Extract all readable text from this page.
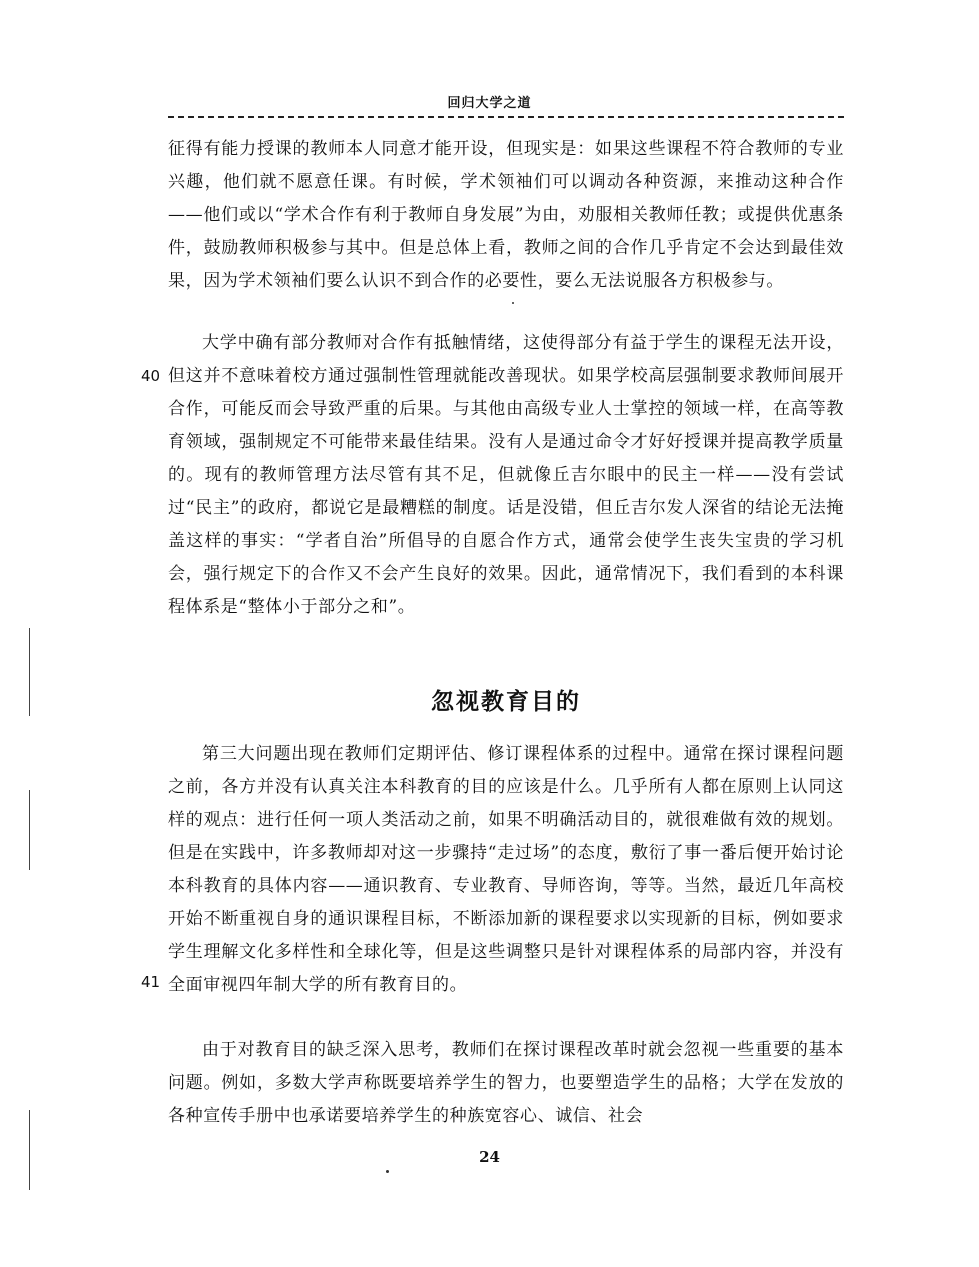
回归大学之道

征得有能力授课的教师本人同意才能开设，但现实是：如果这些课程不符合教师的专业兴趣，他们就不愿意任课。有时候，学术领袖们可以调动各种资源，来推动这种合作——他们或以“学术合作有利于教师自身发展”为由，劝服相关教师任教；或提供优惠条件，鼓励教师积极参与其中。但是总体上看，教师之间的合作几乎肯定不会达到最佳效果，因为学术领袖们要么认识不到合作的必要性，要么无法说服各方积极参与。

大学中确有部分教师对合作有抵触情绪，这使得部分有益于学生的课程无法开设，但这并不意味着校方通过强制性管理就能改善现状。如果学校高层强制要求教师间展开合作，可能反而会导致严重的后果。与其他由高级专业人士掌控的领域一样，在高等教育领域，强制规定不可能带来最佳结果。没有人是通过命令才好好授课并提高教学质量的。现有的教师管理方法尽管有其不足，但就像丘吉尔眼中的民主一样——没有尝试过“民主”的政府，都说它是最糟糕的制度。话是没错，但丘吉尔发人深省的结论无法掩盖这样的事实：“学者自治”所倡导的自愿合作方式，通常会使学生丧失宝贵的学习机会，强行规定下的合作又不会产生良好的效果。因此，通常情况下，我们看到的本科课程体系是“整体小于部分之和”。

40
忽视教育目的

第三大问题出现在教师们定期评估、修订课程体系的过程中。通常在探讨课程问题之前，各方并没有认真关注本科教育的目的应该是什么。几乎所有人都在原则上认同这样的观点：进行任何一项人类活动之前，如果不明确活动目的，就很难做有效的规划。但是在实践中，许多教师却对这一步骤持“走过场”的态度，敷衍了事一番后便开始讨论本科教育的具体内容——通识教育、专业教育、导师咨询，等等。当然，最近几年高校开始不断重视自身的通识课程目标，不断添加新的课程要求以实现新的目标，例如要求学生理解文化多样性和全球化等，但是这些调整只是针对课程体系的局部内容，并没有全面审视四年制大学的所有教育目的。

41

由于对教育目的缺乏深入思考，教师们在探讨课程改革时就会忽视一些重要的基本问题。例如，多数大学声称既要培养学生的智力，也要塑造学生的品格；大学在发放的各种宣传手册中也承诺要培养学生的种族宽容心、诚信、社会

24
